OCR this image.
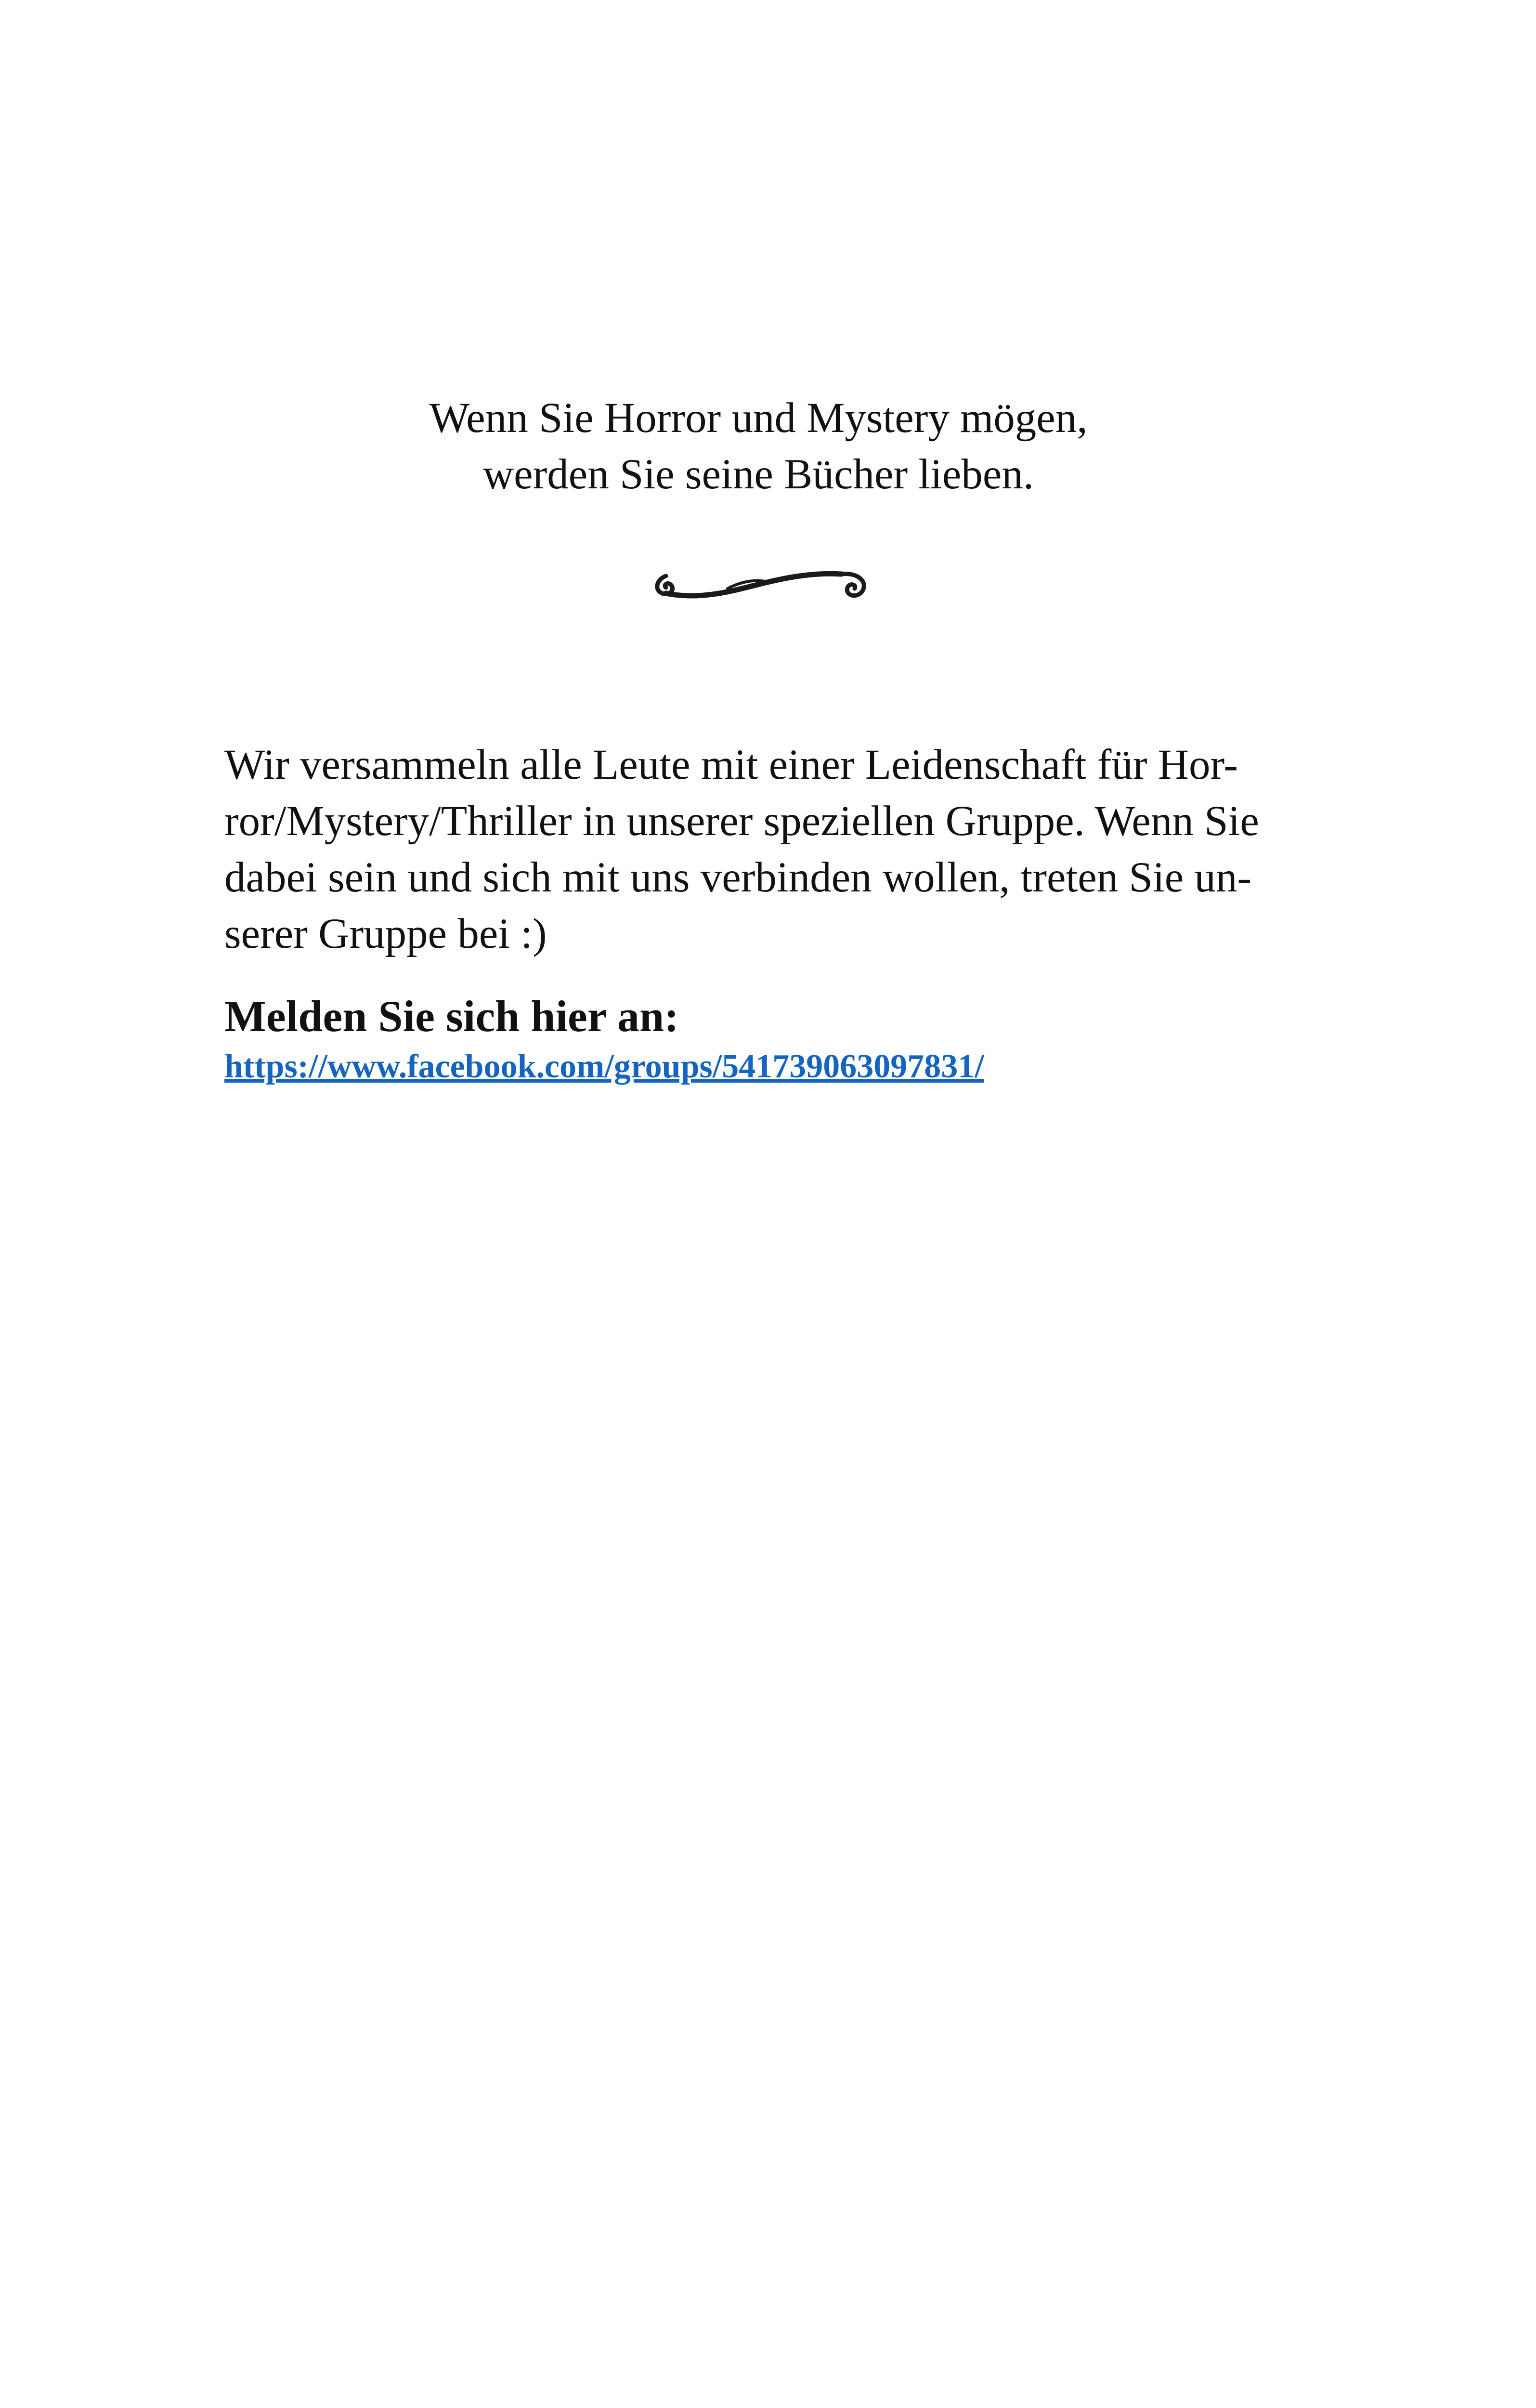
Wenn Sie Horror und Mystery mögen,
werden Sie seine Bücher lieben.
Wir versammeln alle Leute mit einer Leidenschaft für Hor-
ror/Mystery/Thriller in unserer speziellen Gruppe. Wenn Sie
dabei sein und sich mit uns verbinden wollen, treten Sie un-
serer Gruppe bei :)
Melden Sie sich hier an:
https://www.facebook.com/groups/541739063097831/
